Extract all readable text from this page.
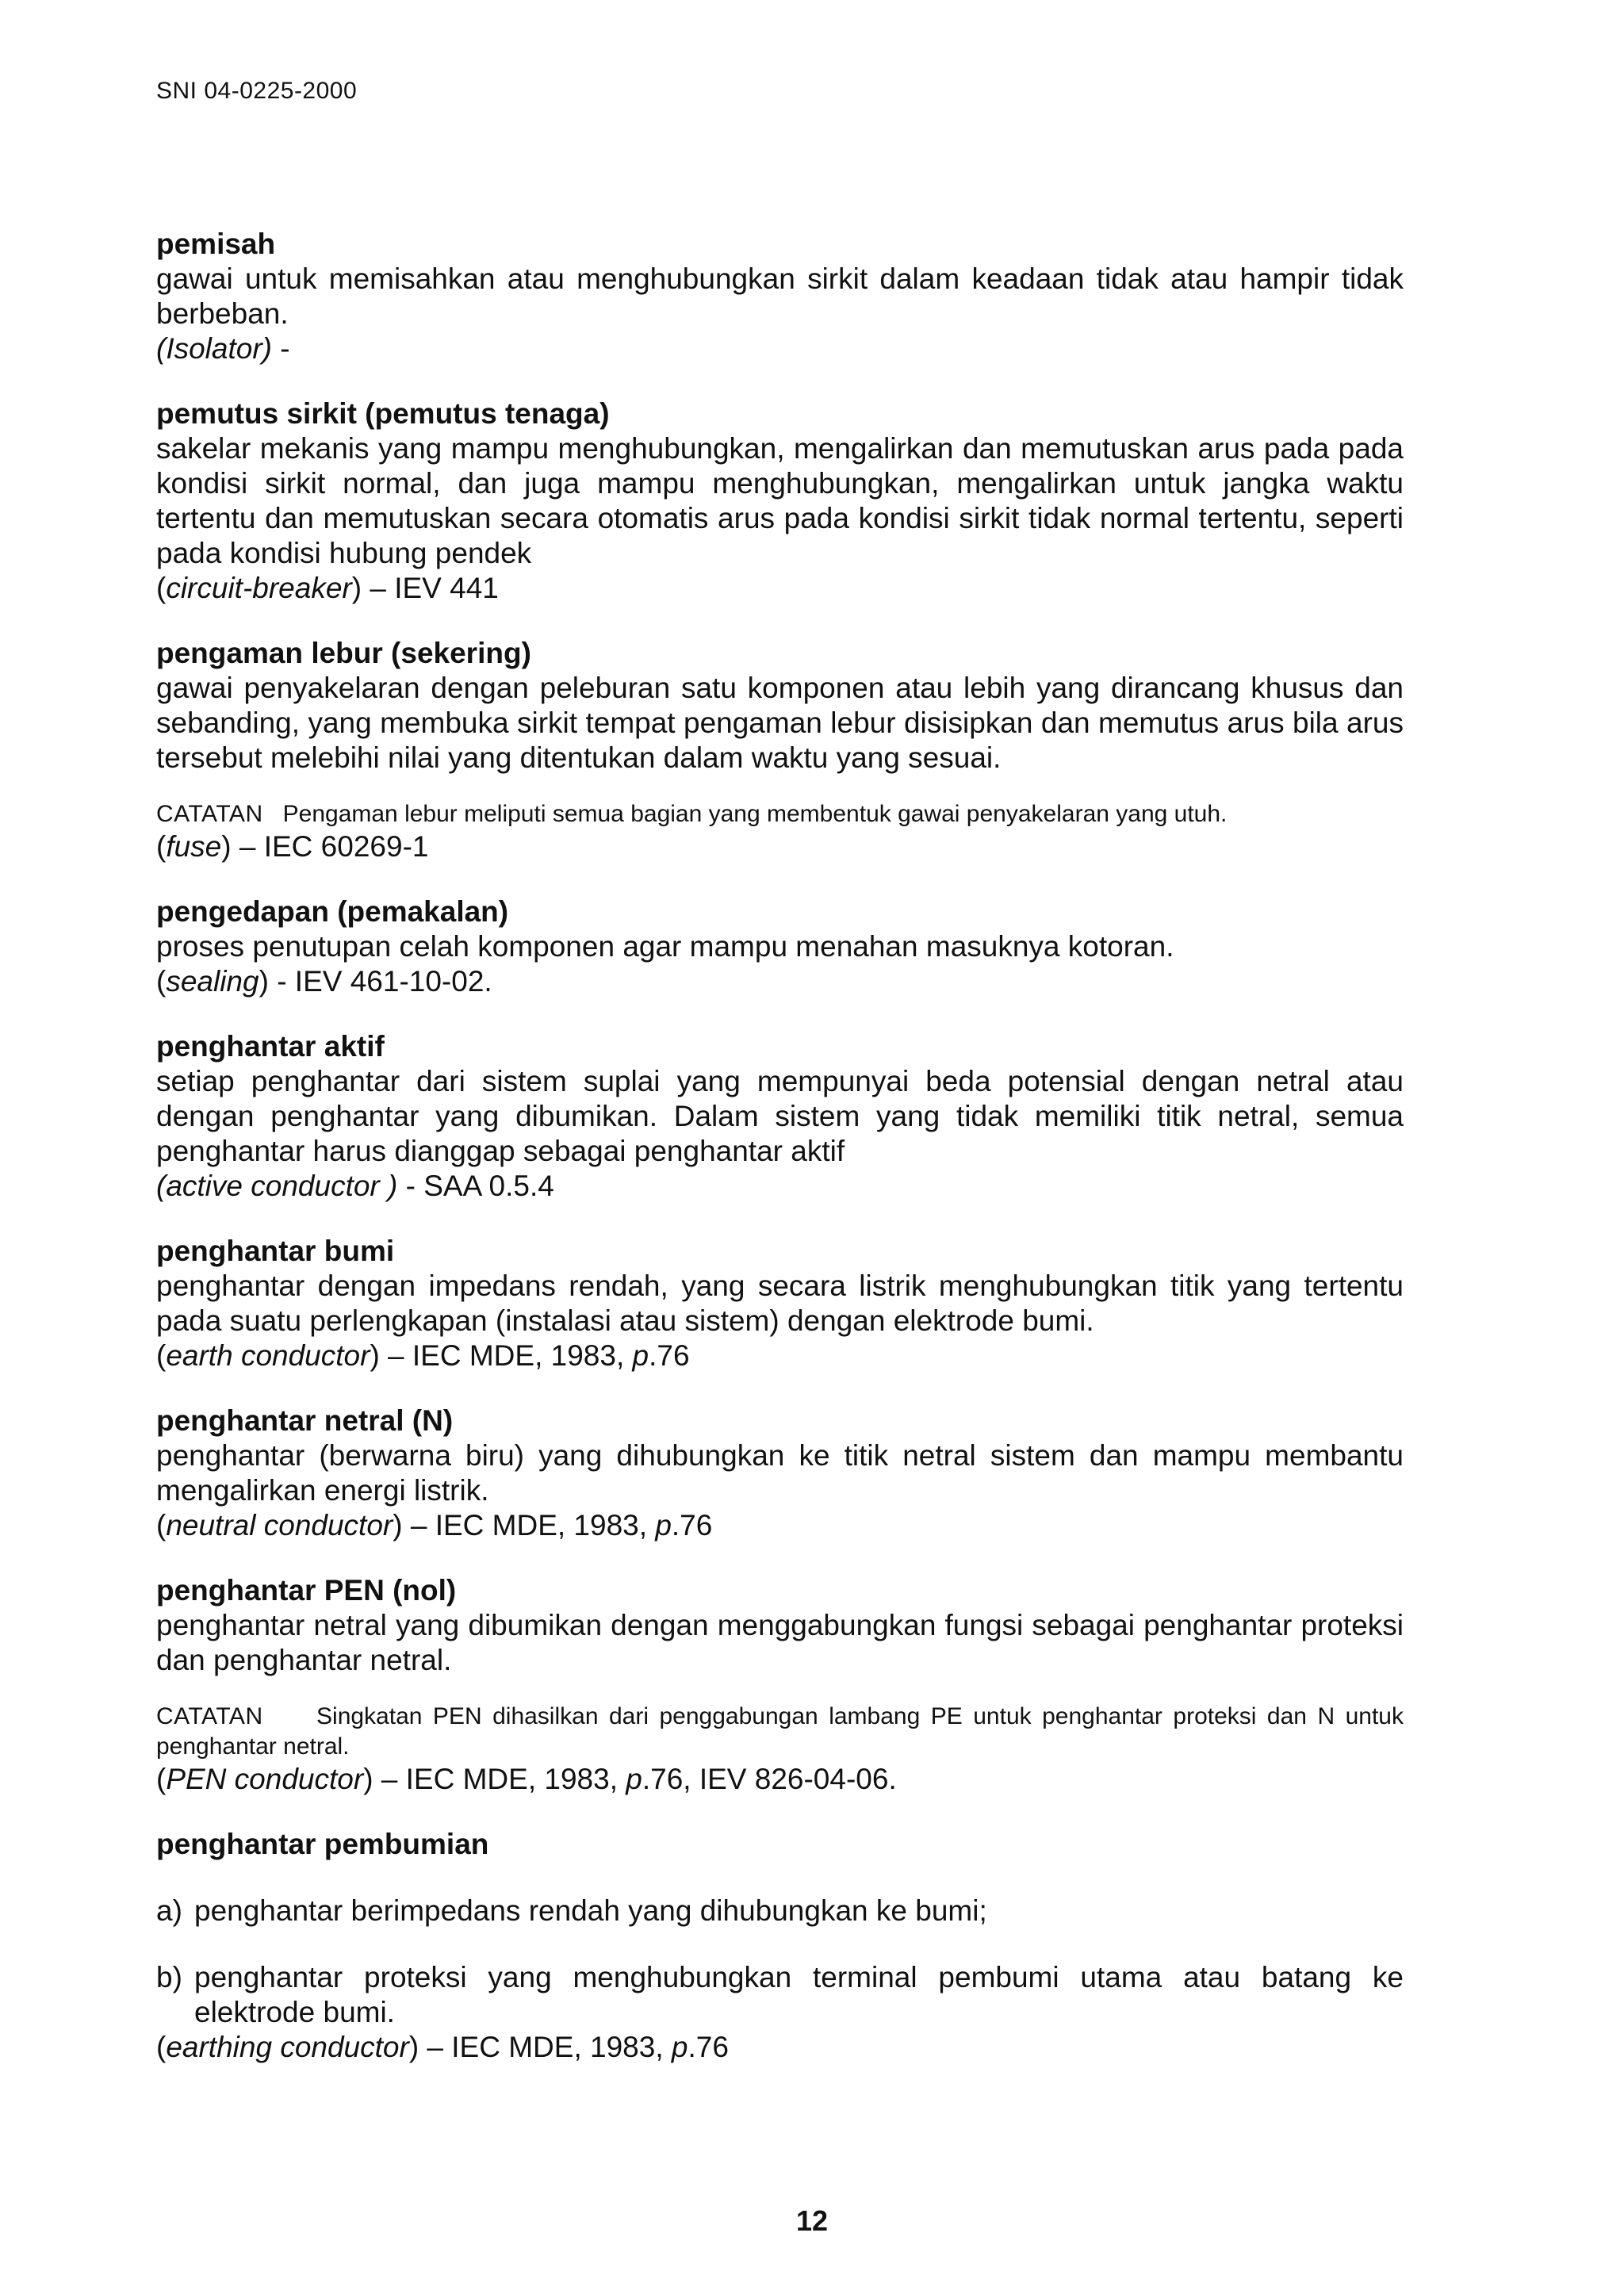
SNI 04-0225-2000

pemisah

gawai untuk memisahkan atau menghubungkan sirkit dalam keadaan tidak atau hampir tidak berbeban.

(Isolator) -

pemutus sirkit (pemutus tenaga)

sakelar mekanis yang mampu menghubungkan, mengalirkan dan memutuskan arus pada pada kondisi sirkit normal, dan juga mampu menghubungkan, mengalirkan untuk jangka waktu tertentu dan memutuskan secara otomatis arus pada kondisi sirkit tidak normal tertentu, seperti pada kondisi hubung pendek

(circuit-breaker) – IEV 441

pengaman lebur (sekering)

gawai penyakelaran dengan peleburan satu komponen atau lebih yang dirancang khusus dan sebanding, yang membuka sirkit tempat pengaman lebur disisipkan dan memutus arus bila arus tersebut melebihi nilai yang ditentukan dalam waktu yang sesuai.

CATATAN Pengaman lebur meliputi semua bagian yang membentuk gawai penyakelaran yang utuh.

(fuse) – IEC 60269-1

pengedapan (pemakalan)

proses penutupan celah komponen agar mampu menahan masuknya kotoran.

(sealing) - IEV 461-10-02.

penghantar aktif

setiap penghantar dari sistem suplai yang mempunyai beda potensial dengan netral atau dengan penghantar yang dibumikan. Dalam sistem yang tidak memiliki titik netral, semua penghantar harus dianggap sebagai penghantar aktif

(active conductor ) - SAA 0.5.4

penghantar bumi

penghantar dengan impedans rendah, yang secara listrik menghubungkan titik yang tertentu pada suatu perlengkapan (instalasi atau sistem) dengan elektrode bumi.

(earth conductor) – IEC MDE, 1983, p.76

penghantar netral (N)

penghantar (berwarna biru) yang dihubungkan ke titik netral sistem dan mampu membantu mengalirkan energi listrik.

(neutral conductor) – IEC MDE, 1983, p.76

penghantar PEN (nol)

penghantar netral yang dibumikan dengan menggabungkan fungsi sebagai penghantar proteksi dan penghantar netral.

CATATAN Singkatan PEN dihasilkan dari penggabungan lambang PE untuk penghantar proteksi dan N untuk penghantar netral.

(PEN conductor) – IEC MDE, 1983, p.76, IEV 826-04-06.

penghantar pembumian

a) penghantar berimpedans rendah yang dihubungkan ke bumi;
b) penghantar proteksi yang menghubungkan terminal pembumi utama atau batang ke elektrode bumi.

(earthing conductor) – IEC MDE, 1983, p.76

12
